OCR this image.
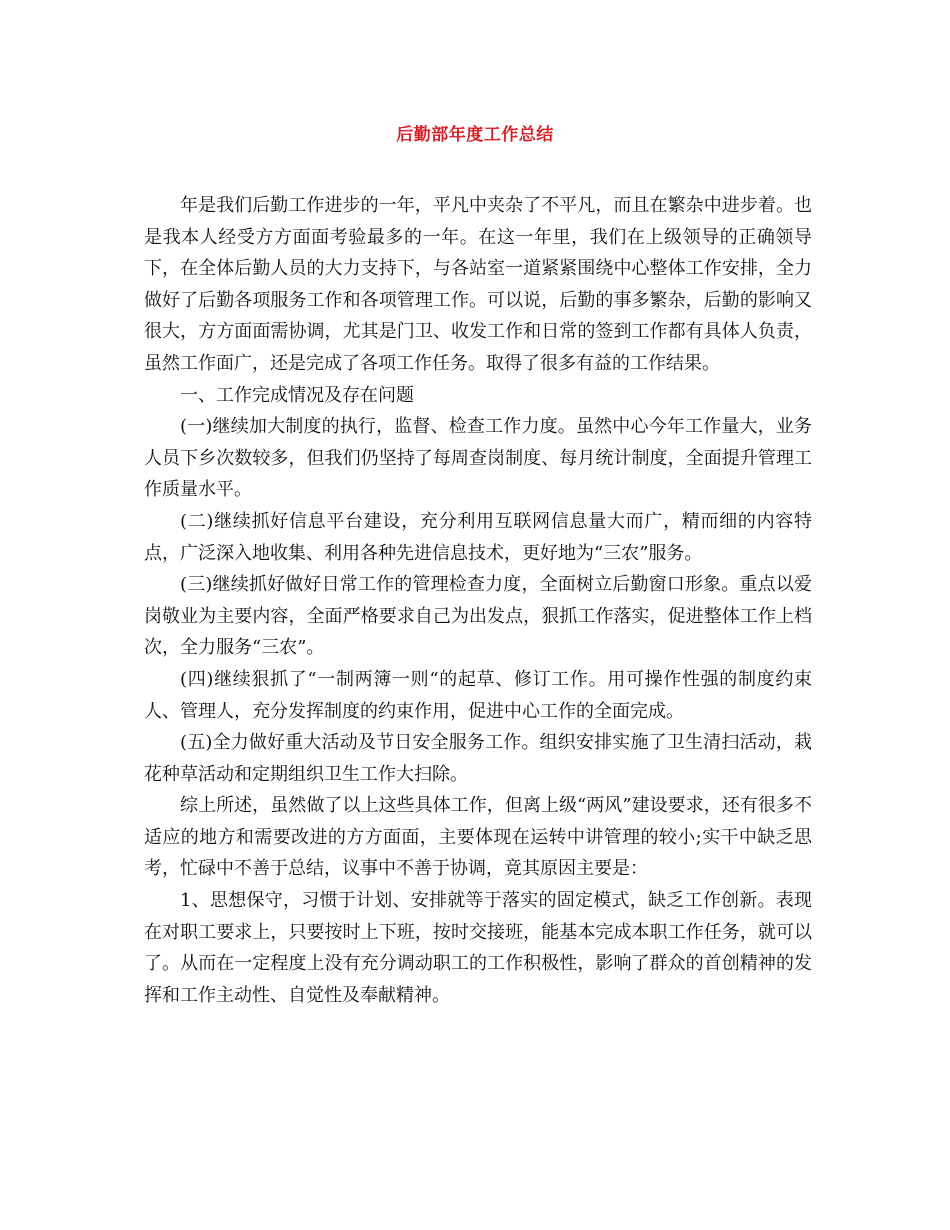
后勤部年度工作总结

年是我们后勤工作进步的一年，平凡中夹杂了不平凡，而且在繁杂中进步着。也是我本人经受方方面面考验最多的一年。在这一年里，我们在上级领导的正确领导下，在全体后勤人员的大力支持下，与各站室一道紧紧围绕中心整体工作安排，全力做好了后勤各项服务工作和各项管理工作。可以说，后勤的事多繁杂，后勤的影响又很大，方方面面需协调，尤其是门卫、收发工作和日常的签到工作都有具体人负责，虽然工作面广，还是完成了各项工作任务。取得了很多有益的工作结果。

一、工作完成情况及存在问题

(一)继续加大制度的执行，监督、检查工作力度。虽然中心今年工作量大，业务人员下乡次数较多，但我们仍坚持了每周查岗制度、每月统计制度，全面提升管理工作质量水平。

(二)继续抓好信息平台建设，充分利用互联网信息量大而广，精而细的内容特点，广泛深入地收集、利用各种先进信息技术，更好地为“三农”服务。

(三)继续抓好做好日常工作的管理检查力度，全面树立后勤窗口形象。重点以爱岗敬业为主要内容，全面严格要求自己为出发点，狠抓工作落实，促进整体工作上档次，全力服务“三农”。

(四)继续狠抓了“一制两簿一则“的起草、修订工作。用可操作性强的制度约束人、管理人，充分发挥制度的约束作用，促进中心工作的全面完成。

(五)全力做好重大活动及节日安全服务工作。组织安排实施了卫生清扫活动，栽花种草活动和定期组织卫生工作大扫除。

综上所述，虽然做了以上这些具体工作，但离上级“两风”建设要求，还有很多不适应的地方和需要改进的方方面面，主要体现在运转中讲管理的较小;实干中缺乏思考，忙碌中不善于总结，议事中不善于协调，竟其原因主要是：

1、思想保守，习惯于计划、安排就等于落实的固定模式，缺乏工作创新。表现在对职工要求上，只要按时上下班，按时交接班，能基本完成本职工作任务，就可以了。从而在一定程度上没有充分调动职工的工作积极性，影响了群众的首创精神的发挥和工作主动性、自觉性及奉献精神。
